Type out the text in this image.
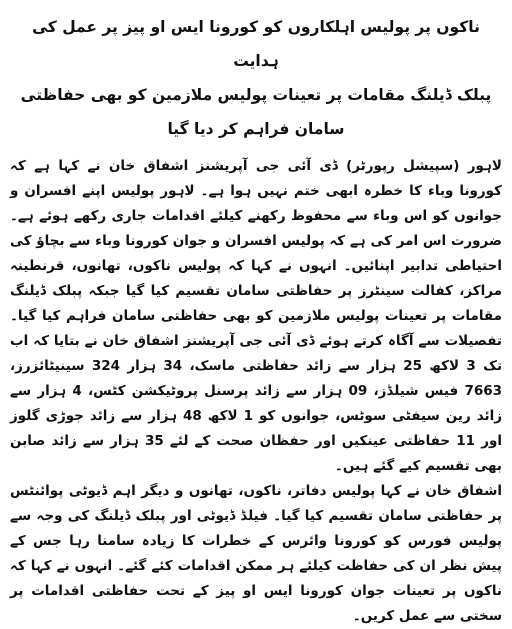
ناکوں پر پولیس اہلکاروں کو کورونا ایس او پیز پر عمل کی ہدایت
پبلک ڈیلنگ مقامات پر تعینات پولیس ملازمین کو بھی حفاظتی سامان فراہم کر دیا گیا

لاہور (سپیشل رپورٹر) ڈی آئی جی آپریشنز اشفاق خان نے کہا ہے کہ کورونا وباء کا خطرہ ابھی ختم نہیں ہوا ہے۔ لاہور پولیس اپنے افسران و جوانوں کو اس وباء سے محفوظ رکھنے کیلئے اقدامات جاری رکھے ہوئے ہے۔ ضرورت اس امر کی ہے کہ پولیس افسران و جوان کورونا وباء سے بچاؤ کی احتیاطی تدابیر اپنائیں۔ انہوں نے کہا کہ پولیس ناکوں، تھانوں، قرنطینہ مراکز، کفالت سینٹرز پر حفاظتی سامان تقسیم کیا گیا جبکہ پبلک ڈیلنگ مقامات پر تعینات پولیس ملازمین کو بھی حفاظتی سامان فراہم کیا گیا۔ تفصیلات سے آگاہ کرتے ہوئے ڈی آئی جی آپریشنز اشفاق خان نے بتایا کہ اب تک 3 لاکھ 25 ہزار سے زائد حفاظتی ماسک، 34 ہزار 324 سینیٹائزرز، 7663 فیس شیلڈز، 09 ہزار سے زائد پرسنل پروٹیکشن کٹس، 4 ہزار سے زائد رین سیفٹی سوٹس، جوانوں کو 1 لاکھ 48 ہزار سے زائد جوڑی گلوز اور 11 حفاظتی عینکیں اور حفظان صحت کے لئے 35 ہزار سے زائد صابن بھی تقسیم کیے گئے ہیں۔

اشفاق خان نے کہا پولیس دفاتر، ناکوں، تھانوں و دیگر اہم ڈیوٹی پوائنٹس پر حفاظتی سامان تقسیم کیا گیا۔ فیلڈ ڈیوٹی اور پبلک ڈیلنگ کی وجہ سے پولیس فورس کو کورونا وائرس کے خطرات کا زیادہ سامنا رہا جس کے پیش نظر ان کی حفاظت کیلئے ہر ممکن اقدامات کئے گئے۔ انہوں نے کہا کہ ناکوں پر تعینات جوان کورونا ایس او پیز کے تحت حفاظتی اقدامات پر سختی سے عمل کریں۔
